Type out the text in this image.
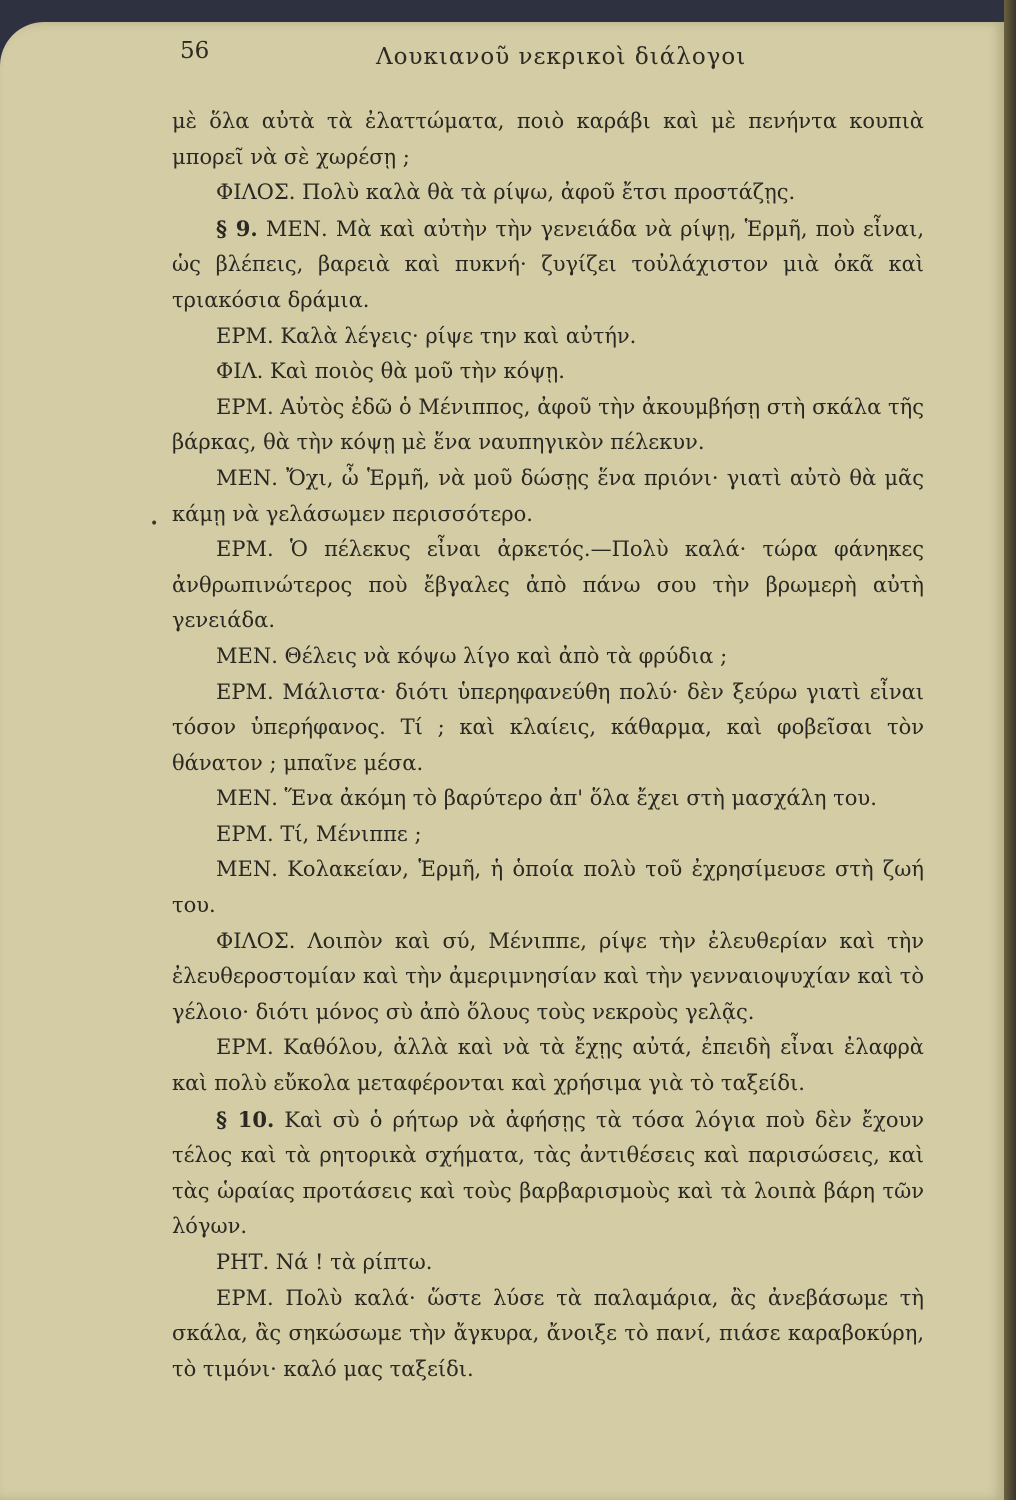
56	Λουκιανοῦ νεκρικοὶ διάλογοι
•

μὲ ὅλα αὐτὰ τὰ ἐλαττώματα, ποιὸ καράβι καὶ μὲ πενήντα κουπιὰ μπορεῖ νὰ σὲ χωρέσῃ ;

ΦΙΛΟΣ. Πολὺ καλὰ θὰ τὰ ρίψω, ἀφοῦ ἔτσι προστάζῃς.

§ 9. ΜΕΝ. Μὰ καὶ αὐτὴν τὴν γενειάδα νὰ ρίψῃ, Ἑρμῆ, ποὺ εἶναι, ὡς βλέπεις, βαρειὰ καὶ πυκνή· ζυγίζει τοὐλάχιστον μιὰ ὀκᾶ καὶ τριακόσια δράμια.

ΕΡΜ. Καλὰ λέγεις· ρίψε την καὶ αὐτήν.

ΦΙΛ. Καὶ ποιὸς θὰ μοῦ τὴν κόψῃ.

ΕΡΜ. Αὐτὸς ἐδῶ ὁ Μένιππος, ἀφοῦ τὴν ἀκουμβήσῃ στὴ σκάλα τῆς βάρκας, θὰ τὴν κόψῃ μὲ ἕνα ναυπηγικὸν πέλεκυν.

ΜΕΝ. Ὄχι, ὦ Ἑρμῆ, νὰ μοῦ δώσῃς ἕνα πριόνι· γιατὶ αὐτὸ θὰ μᾶς κάμῃ νὰ γελάσωμεν περισσότερο.

ΕΡΜ. Ὁ πέλεκυς εἶναι ἀρκετός.—Πολὺ καλά· τώρα φάνηκες ἀνθρωπινώτερος ποὺ ἔβγαλες ἀπὸ πάνω σου τὴν βρωμερὴ αὐτὴ γενειάδα.

ΜΕΝ. Θέλεις νὰ κόψω λίγο καὶ ἀπὸ τὰ φρύδια ;

ΕΡΜ. Μάλιστα· διότι ὑπερηφανεύθη πολύ· δὲν ξεύρω γιατὶ εἶναι τόσον ὑπερήφανος. Τί ; καὶ κλαίεις, κάθαρμα, καὶ φοβεῖσαι τὸν θάνατον ; μπαῖνε μέσα.

ΜΕΝ. Ἕνα ἀκόμη τὸ βαρύτερο ἀπ' ὅλα ἔχει στὴ μασχάλη του.

ΕΡΜ. Τί, Μένιππε ;

ΜΕΝ. Κολακείαν, Ἑρμῆ, ἡ ὁποία πολὺ τοῦ ἐχρησίμευσε στὴ ζωή του.

ΦΙΛΟΣ. Λοιπὸν καὶ σύ, Μένιππε, ρίψε τὴν ἐλευθερίαν καὶ τὴν ἐλευθεροστομίαν καὶ τὴν ἀμεριμνησίαν καὶ τὴν γενναιοψυχίαν καὶ τὸ γέλοιο· διότι μόνος σὺ ἀπὸ ὅλους τοὺς νεκροὺς γελᾷς.

ΕΡΜ. Καθόλου, ἀλλὰ καὶ νὰ τὰ ἔχῃς αὐτά, ἐπειδὴ εἶναι ἐλαφρὰ καὶ πολὺ εὔκολα μεταφέρονται καὶ χρήσιμα γιὰ τὸ ταξείδι.

§ 10. Καὶ σὺ ὁ ρήτωρ νὰ ἀφήσῃς τὰ τόσα λόγια ποὺ δὲν ἔχουν τέλος καὶ τὰ ρητορικὰ σχήματα, τὰς ἀντιθέσεις καὶ παρισώσεις, καὶ τὰς ὡραίας προτάσεις καὶ τοὺς βαρβαρισμοὺς καὶ τὰ λοιπὰ βάρη τῶν λόγων.

ΡΗΤ. Νά ! τὰ ρίπτω.

ΕΡΜ. Πολὺ καλά· ὥστε λύσε τὰ παλαμάρια, ἂς ἀνεβάσωμε τὴ σκάλα, ἂς σηκώσωμε τὴν ἄγκυρα, ἄνοιξε τὸ πανί, πιάσε καραβοκύρη, τὸ τιμόνι· καλό μας ταξείδι.
